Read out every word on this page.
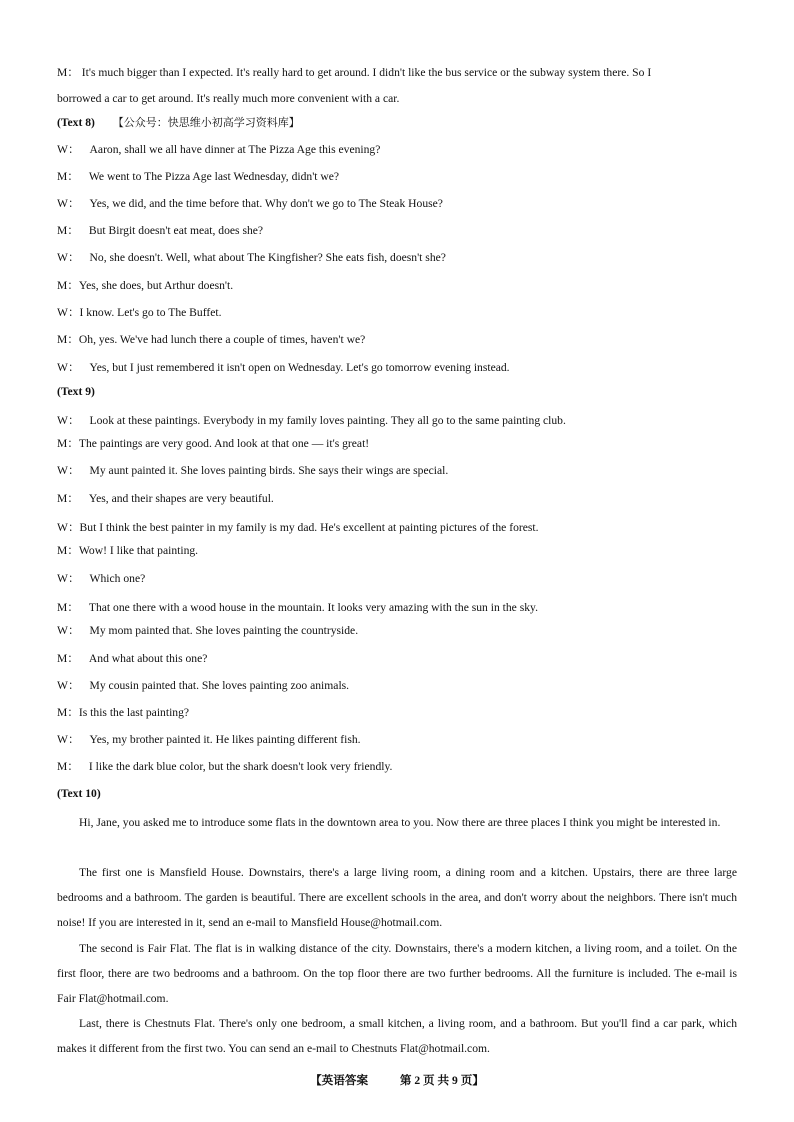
M： It's much bigger than I expected. It's really hard to get around. I didn't like the bus service or the subway system there. So I
borrowed a car to get around. It's really much more convenient with a car.
(Text 8) 【公众号：快思维小初高学习资料库】
W： Aaron, shall we all have dinner at The Pizza Age this evening?
M： We went to The Pizza Age last Wednesday, didn't we?
W： Yes, we did, and the time before that. Why don't we go to The Steak House?
M： But Birgit doesn't eat meat, does she?
W： No, she doesn't. Well, what about The Kingfisher? She eats fish, doesn't she?
M：Yes, she does, but Arthur doesn't.
W：I know. Let's go to The Buffet.
M：Oh, yes. We've had lunch there a couple of times, haven't we?
W： Yes, but I just remembered it isn't open on Wednesday. Let's go tomorrow evening instead.
(Text 9)
W： Look at these paintings. Everybody in my family loves painting. They all go to the same painting club.
M：The paintings are very good. And look at that one — it's great!
W： My aunt painted it. She loves painting birds. She says their wings are special.
M： Yes, and their shapes are very beautiful.
W：But I think the best painter in my family is my dad. He's excellent at painting pictures of the forest.
M：Wow! I like that painting.
W： Which one?
M： That one there with a wood house in the mountain. It looks very amazing with the sun in the sky.
W： My mom painted that. She loves painting the countryside.
M： And what about this one?
W： My cousin painted that. She loves painting zoo animals.
M：Is this the last painting?
W： Yes, my brother painted it. He likes painting different fish.
M： I like the dark blue color, but the shark doesn't look very friendly.
(Text 10)
Hi, Jane, you asked me to introduce some flats in the downtown area to you. Now there are three places I think you might be interested in.
The first one is Mansfield House. Downstairs, there's a large living room, a dining room and a kitchen. Upstairs, there are three large bedrooms and a bathroom. The garden is beautiful. There are excellent schools in the area, and don't worry about the neighbors. There isn't much noise! If you are interested in it, send an e-mail to Mansfield House@hotmail.com.
The second is Fair Flat. The flat is in walking distance of the city. Downstairs, there's a modern kitchen, a living room, and a toilet. On the first floor, there are two bedrooms and a bathroom. On the top floor there are two further bedrooms. All the furniture is included. The e-mail is Fair Flat@hotmail.com.
Last, there is Chestnuts Flat. There's only one bedroom, a small kitchen, a living room, and a bathroom. But you'll find a car park, which makes it different from the first two. You can send an e-mail to Chestnuts Flat@hotmail.com.
【英语答案	第 2 页 共 9 页】
